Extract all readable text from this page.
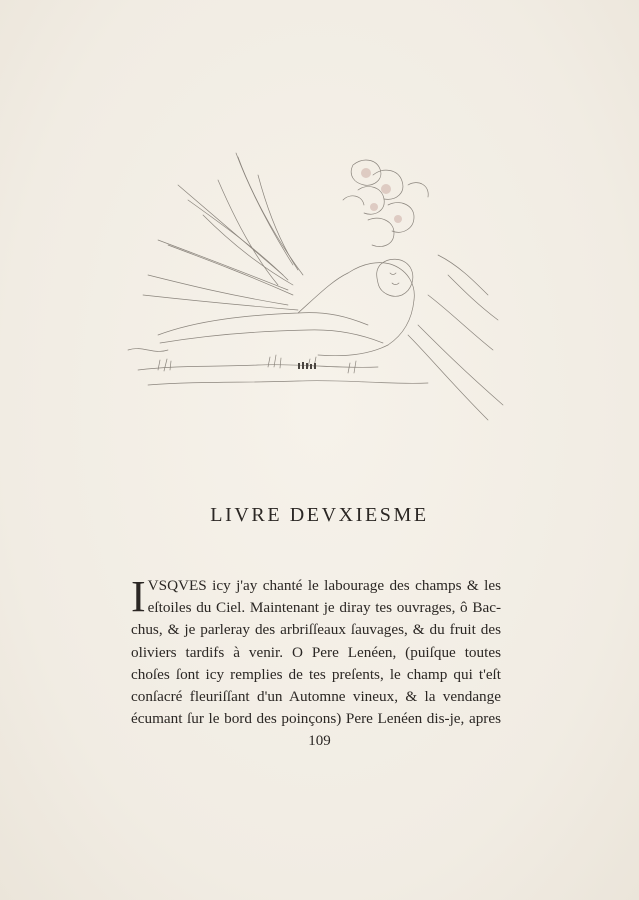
LIVRE DEVXIESME
I VSQVES icy j'ay chanté le labourage des champs & les
eſtoiles du Ciel. Maintenant je diray tes ouvrages, ô Bac-
chus, & je parleray des arbriſſeaux ſauvages, & du fruit des
oliviers tardifs à venir. O Pere Lenéen, (puiſque toutes
choſes ſont icy remplies de tes preſents, le champ qui t'eſt
conſacré fleuriſſant d'un Automne vineux, & la vendange
écumant ſur le bord des poinçons) Pere Lenéen dis-je, apres
109
